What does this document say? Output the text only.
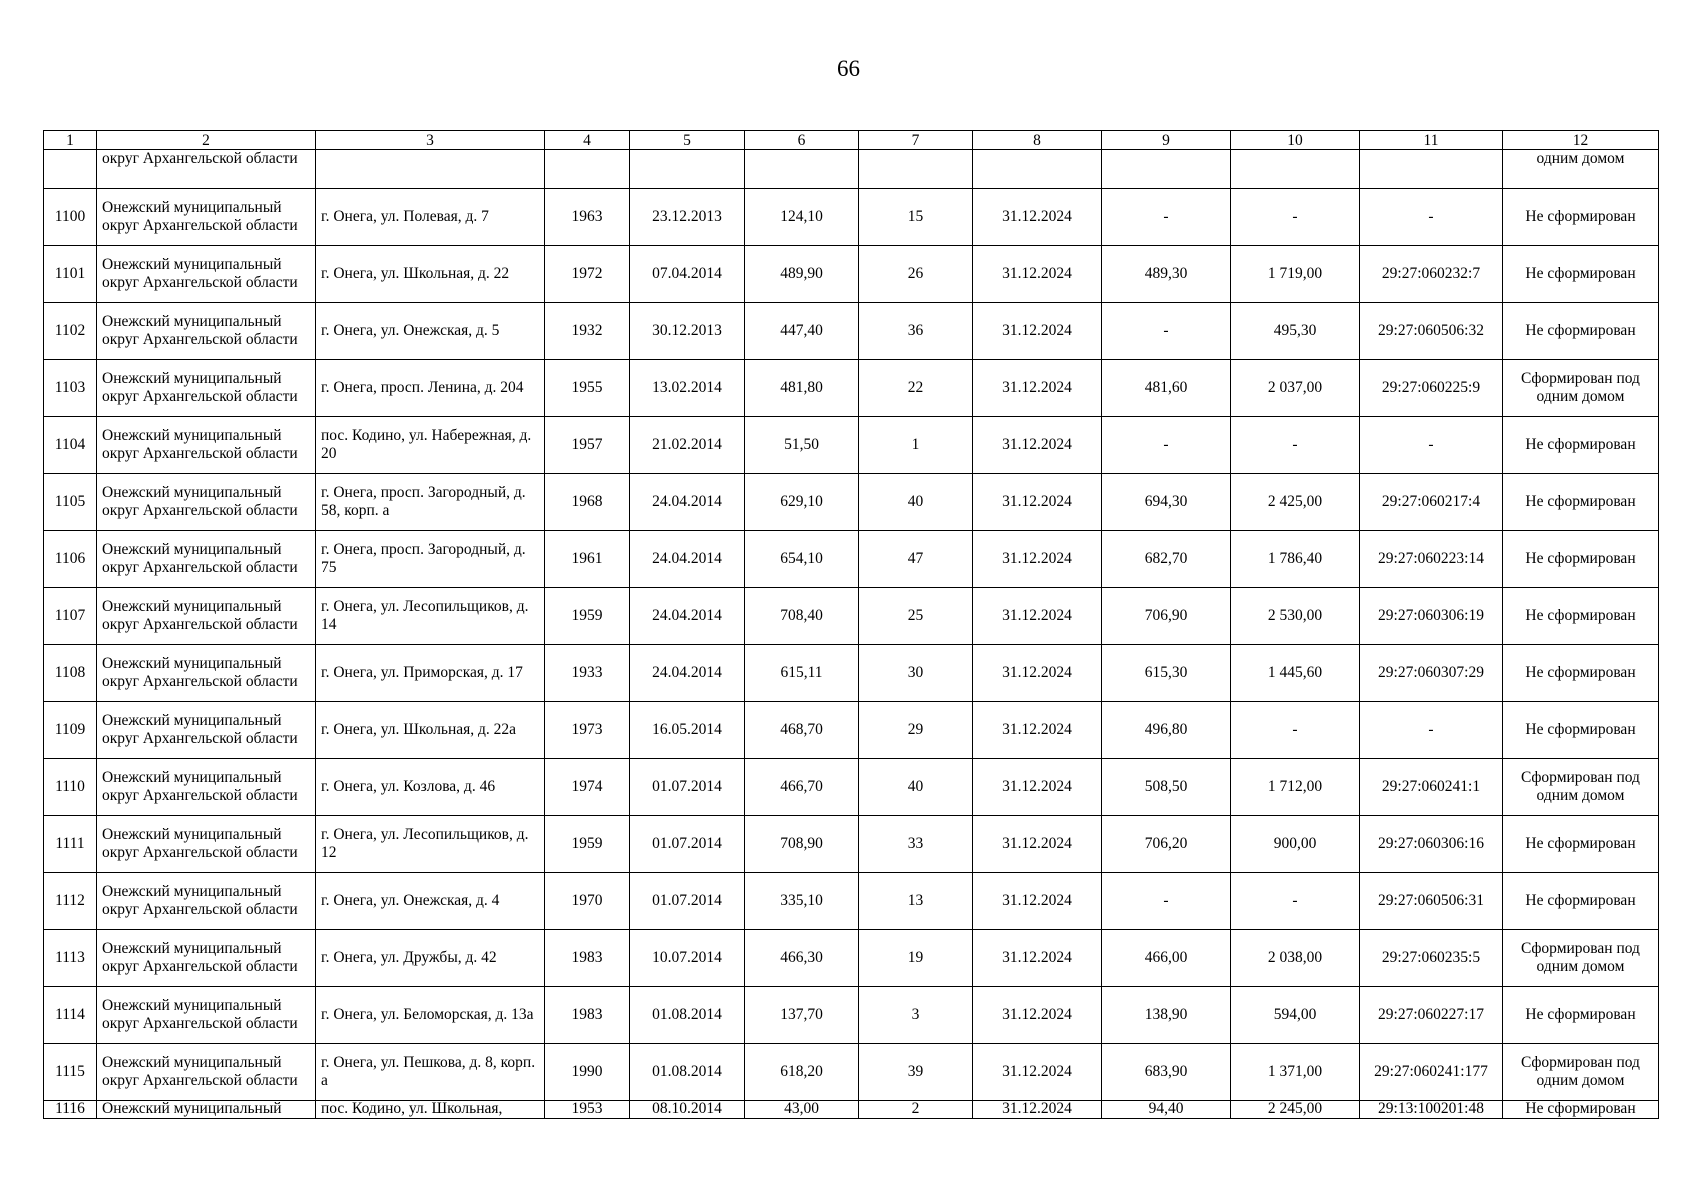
66
1	2	3	4	5	6	7	8	9	10	11	12
	округ Архангельской области										одним домом
1100	Онежский муниципальный округ Архангельской области	г. Онега, ул. Полевая, д. 7	1963	23.12.2013	124,10	15	31.12.2024	-	-	-	Не сформирован
1101	Онежский муниципальный округ Архангельской области	г. Онега, ул. Школьная, д. 22	1972	07.04.2014	489,90	26	31.12.2024	489,30	1 719,00	29:27:060232:7	Не сформирован
1102	Онежский муниципальный округ Архангельской области	г. Онега, ул. Онежская, д. 5	1932	30.12.2013	447,40	36	31.12.2024	-	495,30	29:27:060506:32	Не сформирован
1103	Онежский муниципальный округ Архангельской области	г. Онега, просп. Ленина, д. 204	1955	13.02.2014	481,80	22	31.12.2024	481,60	2 037,00	29:27:060225:9	Сформирован под одним домом
1104	Онежский муниципальный округ Архангельской области	пос. Кодино, ул. Набережная, д. 20	1957	21.02.2014	51,50	1	31.12.2024	-	-	-	Не сформирован
1105	Онежский муниципальный округ Архангельской области	г. Онега, просп. Загородный, д. 58, корп. а	1968	24.04.2014	629,10	40	31.12.2024	694,30	2 425,00	29:27:060217:4	Не сформирован
1106	Онежский муниципальный округ Архангельской области	г. Онега, просп. Загородный, д. 75	1961	24.04.2014	654,10	47	31.12.2024	682,70	1 786,40	29:27:060223:14	Не сформирован
1107	Онежский муниципальный округ Архангельской области	г. Онега, ул. Лесопильщиков, д. 14	1959	24.04.2014	708,40	25	31.12.2024	706,90	2 530,00	29:27:060306:19	Не сформирован
1108	Онежский муниципальный округ Архангельской области	г. Онега, ул. Приморская, д. 17	1933	24.04.2014	615,11	30	31.12.2024	615,30	1 445,60	29:27:060307:29	Не сформирован
1109	Онежский муниципальный округ Архангельской области	г. Онега, ул. Школьная, д. 22а	1973	16.05.2014	468,70	29	31.12.2024	496,80	-	-	Не сформирован
1110	Онежский муниципальный округ Архангельской области	г. Онега, ул. Козлова, д. 46	1974	01.07.2014	466,70	40	31.12.2024	508,50	1 712,00	29:27:060241:1	Сформирован под одним домом
1111	Онежский муниципальный округ Архангельской области	г. Онега, ул. Лесопильщиков, д. 12	1959	01.07.2014	708,90	33	31.12.2024	706,20	900,00	29:27:060306:16	Не сформирован
1112	Онежский муниципальный округ Архангельской области	г. Онега, ул. Онежская, д. 4	1970	01.07.2014	335,10	13	31.12.2024	-	-	29:27:060506:31	Не сформирован
1113	Онежский муниципальный округ Архангельской области	г. Онега, ул. Дружбы, д. 42	1983	10.07.2014	466,30	19	31.12.2024	466,00	2 038,00	29:27:060235:5	Сформирован под одним домом
1114	Онежский муниципальный округ Архангельской области	г. Онега, ул. Беломорская, д. 13а	1983	01.08.2014	137,70	3	31.12.2024	138,90	594,00	29:27:060227:17	Не сформирован
1115	Онежский муниципальный округ Архангельской области	г. Онега, ул. Пешкова, д. 8, корп. а	1990	01.08.2014	618,20	39	31.12.2024	683,90	1 371,00	29:27:060241:177	Сформирован под одним домом
1116	Онежский муниципальный	пос. Кодино, ул. Школьная,	1953	08.10.2014	43,00	2	31.12.2024	94,40	2 245,00	29:13:100201:48	Не сформирован
